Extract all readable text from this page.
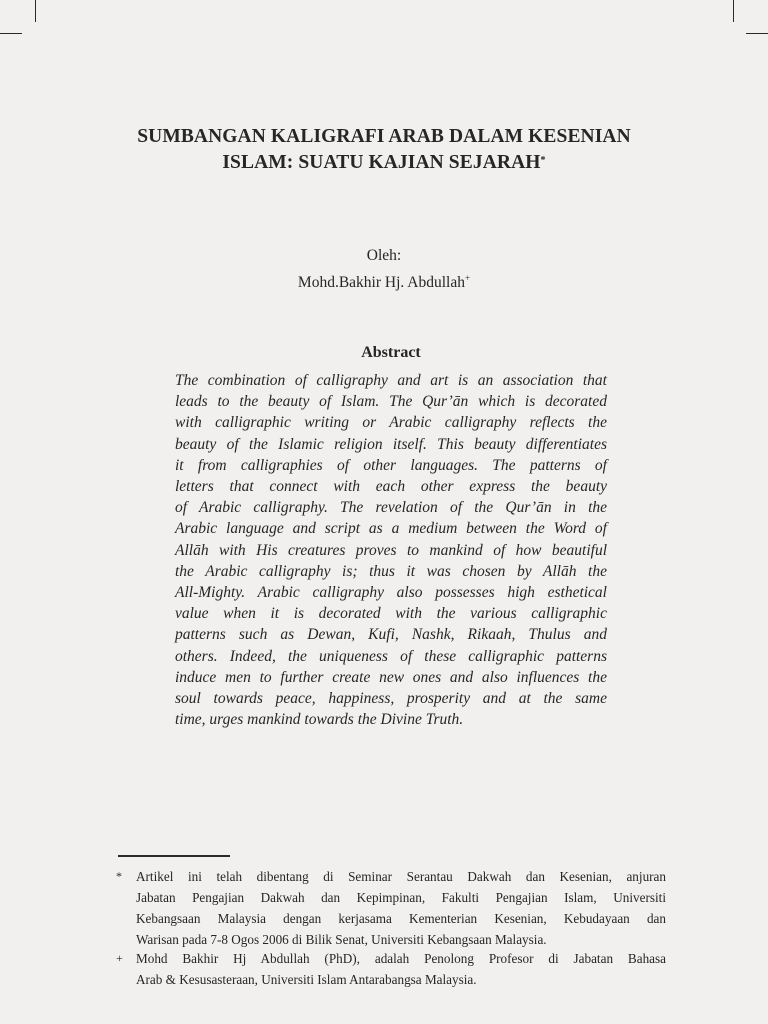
SUMBANGAN KALIGRAFI ARAB DALAM KESENIAN
ISLAM: SUATU KAJIAN SEJARAH*
Oleh:
Mohd.Bakhir Hj. Abdullah+
Abstract
The combination of calligraphy and art is an association that
leads to the beauty of Islam. The Qur’ān which is decorated
with calligraphic writing or Arabic calligraphy reflects the
beauty of the Islamic religion itself. This beauty differentiates
it from calligraphies of other languages. The patterns of
letters that connect with each other express the beauty
of Arabic calligraphy. The revelation of the Qur’ān in the
Arabic language and script as a medium between the Word of
Allāh with His creatures proves to mankind of how beautiful
the Arabic calligraphy is; thus it was chosen by Allāh the
All-Mighty. Arabic calligraphy also possesses high esthetical
value when it is decorated with the various calligraphic
patterns such as Dewan, Kufi, Nashk, Rikaah, Thulus and
others. Indeed, the uniqueness of these calligraphic patterns
induce men to further create new ones and also influences the
soul towards peace, happiness, prosperity and at the same
time, urges mankind towards the Divine Truth.
* Artikel ini telah dibentang di Seminar Serantau Dakwah dan Kesenian, anjuran
Jabatan Pengajian Dakwah dan Kepimpinan, Fakulti Pengajian Islam, Universiti
Kebangsaan Malaysia dengan kerjasama Kementerian Kesenian, Kebudayaan dan
Warisan pada 7-8 Ogos 2006 di Bilik Senat, Universiti Kebangsaan Malaysia.
+ Mohd Bakhir Hj Abdullah (PhD), adalah Penolong Profesor di Jabatan Bahasa
Arab & Kesusasteraan, Universiti Islam Antarabangsa Malaysia.
